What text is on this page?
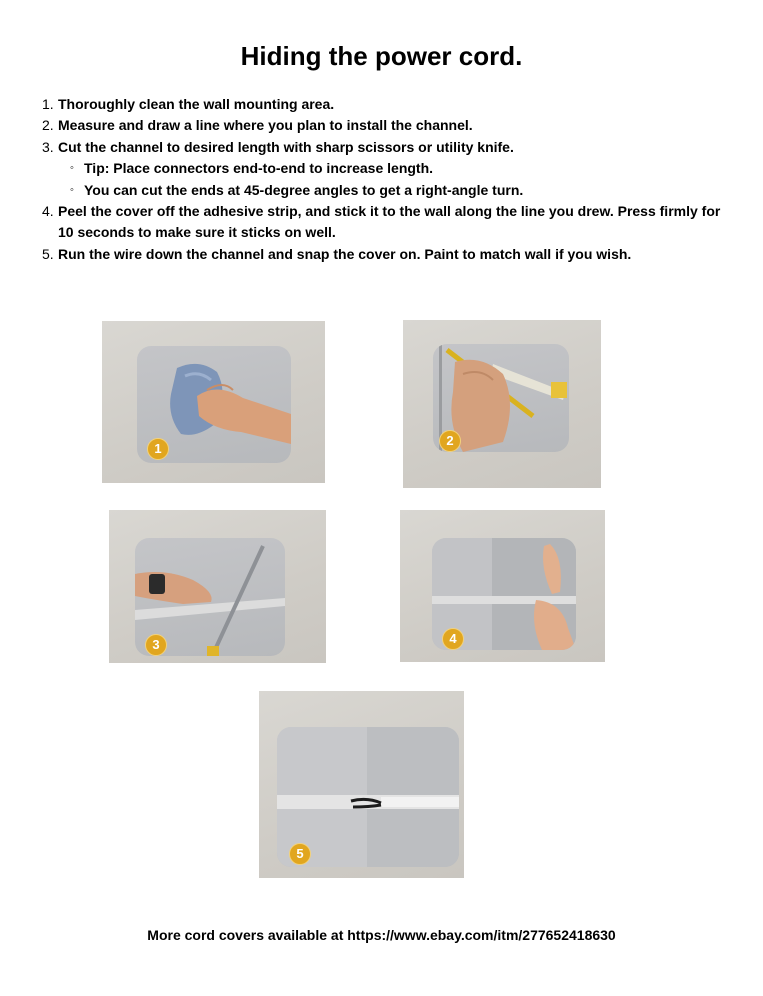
Hiding the power cord.
1. Thoroughly clean the wall mounting area.
2. Measure and draw a line where you plan to install the channel.
3. Cut the channel to desired length with sharp scissors or utility knife.
◦ Tip: Place connectors end-to-end to increase length.
◦ You can cut the ends at 45-degree angles to get a right-angle turn.
4. Peel the cover off the adhesive strip, and stick it to the wall along the line you drew. Press firmly for 10 seconds to make sure it sticks on well.
5. Run the wire down the channel and snap the cover on. Paint to match wall if you wish.
1
2
3	4
5
More cord covers available at https://www.ebay.com/itm/277652418630
